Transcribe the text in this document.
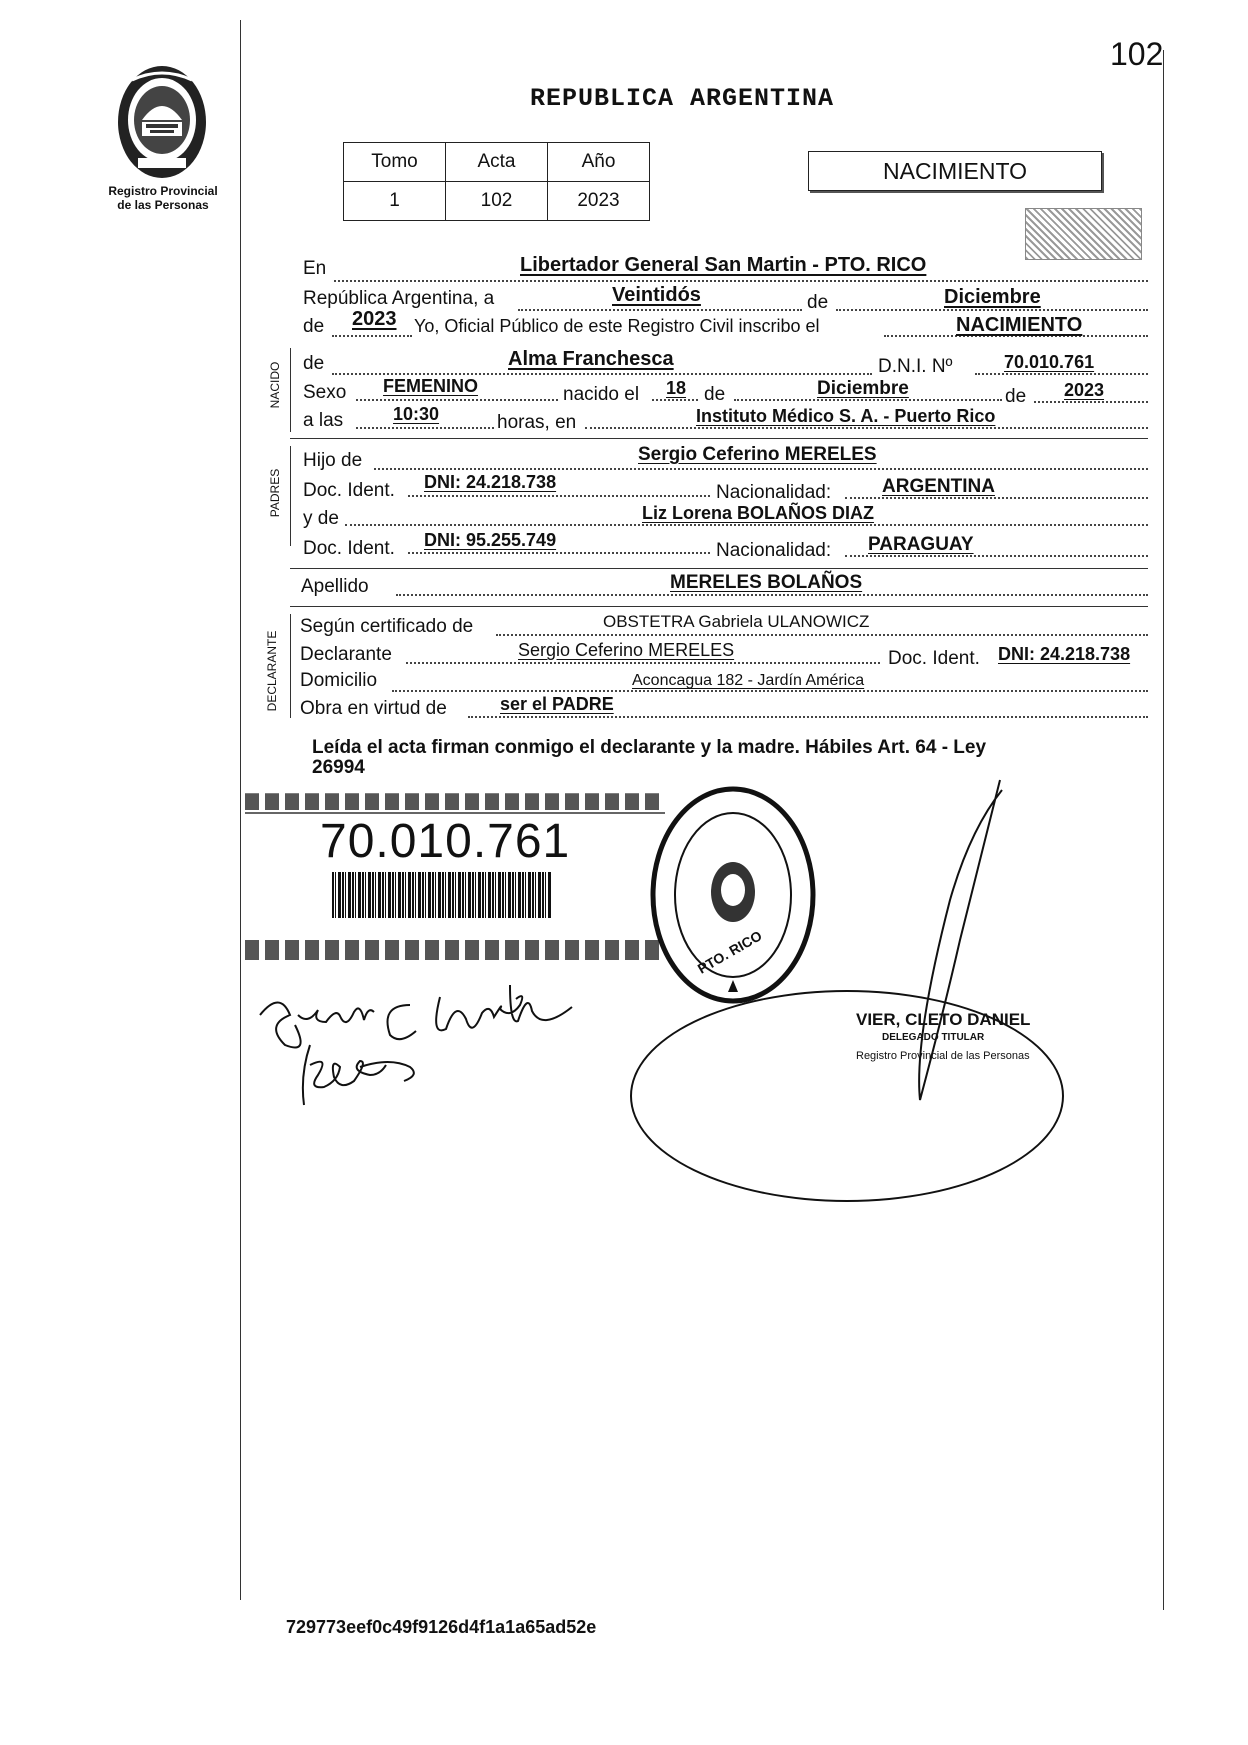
102
Registro Provincial
de las Personas
REPUBLICA ARGENTINA
Tomo	Acta	Año
1	102	2023
NACIMIENTO
En	Libertador General San Martin - PTO. RICO
República Argentina, a	Veintidós	de	Diciembre
de 2023 Yo, Oficial Público de este Registro Civil inscribo el	NACIMIENTO
NACIDO de	Alma Franchesca	D.N.I. Nº	70.010.761
Sexo FEMENINO	nacido el 18 de	Diciembre	de 2023
a las	10:30	horas, en	Instituto Médico S. A. - Puerto Rico
PADRES
Hijo de	Sergio Ceferino MERELES
Doc. Ident. DNI: 24.218.738	Nacionalidad:	ARGENTINA
y de	Liz Lorena BOLAÑOS DIAZ
Doc. Ident. DNI: 95.255.749	Nacionalidad: PARAGUAY
Apellido	MERELES BOLAÑOS
DECLARANTE
Según certificado de	OBSTETRA Gabriela ULANOWICZ
Declarante	Sergio Ceferino MERELES	Doc. Ident. DNI: 24.218.738
Domicilio	Aconcagua 182 - Jardín América
Obra en virtud de	ser el PADRE
Leída el acta firman conmigo el declarante y la madre. Hábiles Art. 64 - Ley
26994
70.010.761
PTO. RICO
VIER, CLETO DANIEL
DELEGADO TITULAR
Registro Provincial de las Personas
729773eef0c49f9126d4f1a1a65ad52e
